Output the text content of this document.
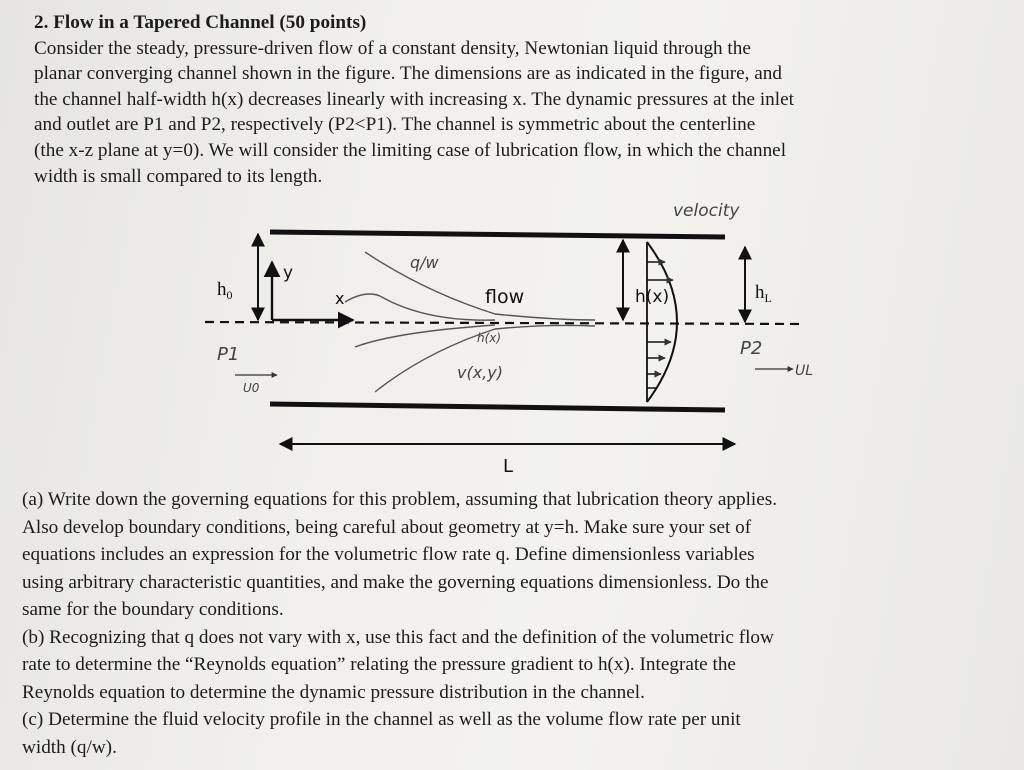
2. Flow in a Tapered Channel (50 points)

Consider the steady, pressure-driven flow of a constant density, Newtonian liquid through the

planar converging channel shown in the figure. The dimensions are as indicated in the figure, and

the channel half-width h(x) decreases linearly with increasing x. The dynamic pressures at the inlet

and outlet are P1 and P2, respectively (P2<P1). The channel is symmetric about the centerline

(the x-z plane at y=0). We will consider the limiting case of lubrication flow, in which the channel

width is small compared to its length.

$h_0$
y
x	flow
q/w
h(x)
v(x,y)
velocity
P1	P2
U0
UL
h(x)	$h_L$
L

(a) Write down the governing equations for this problem, assuming that lubrication theory applies.

Also develop boundary conditions, being careful about geometry at y=h. Make sure your set of

equations includes an expression for the volumetric flow rate q. Define dimensionless variables

using arbitrary characteristic quantities, and make the governing equations dimensionless. Do the

same for the boundary conditions.

(b) Recognizing that q does not vary with x, use this fact and the definition of the volumetric flow

rate to determine the “Reynolds equation” relating the pressure gradient to h(x). Integrate the

Reynolds equation to determine the dynamic pressure distribution in the channel.

(c) Determine the fluid velocity profile in the channel as well as the volume flow rate per unit

width (q/w).
